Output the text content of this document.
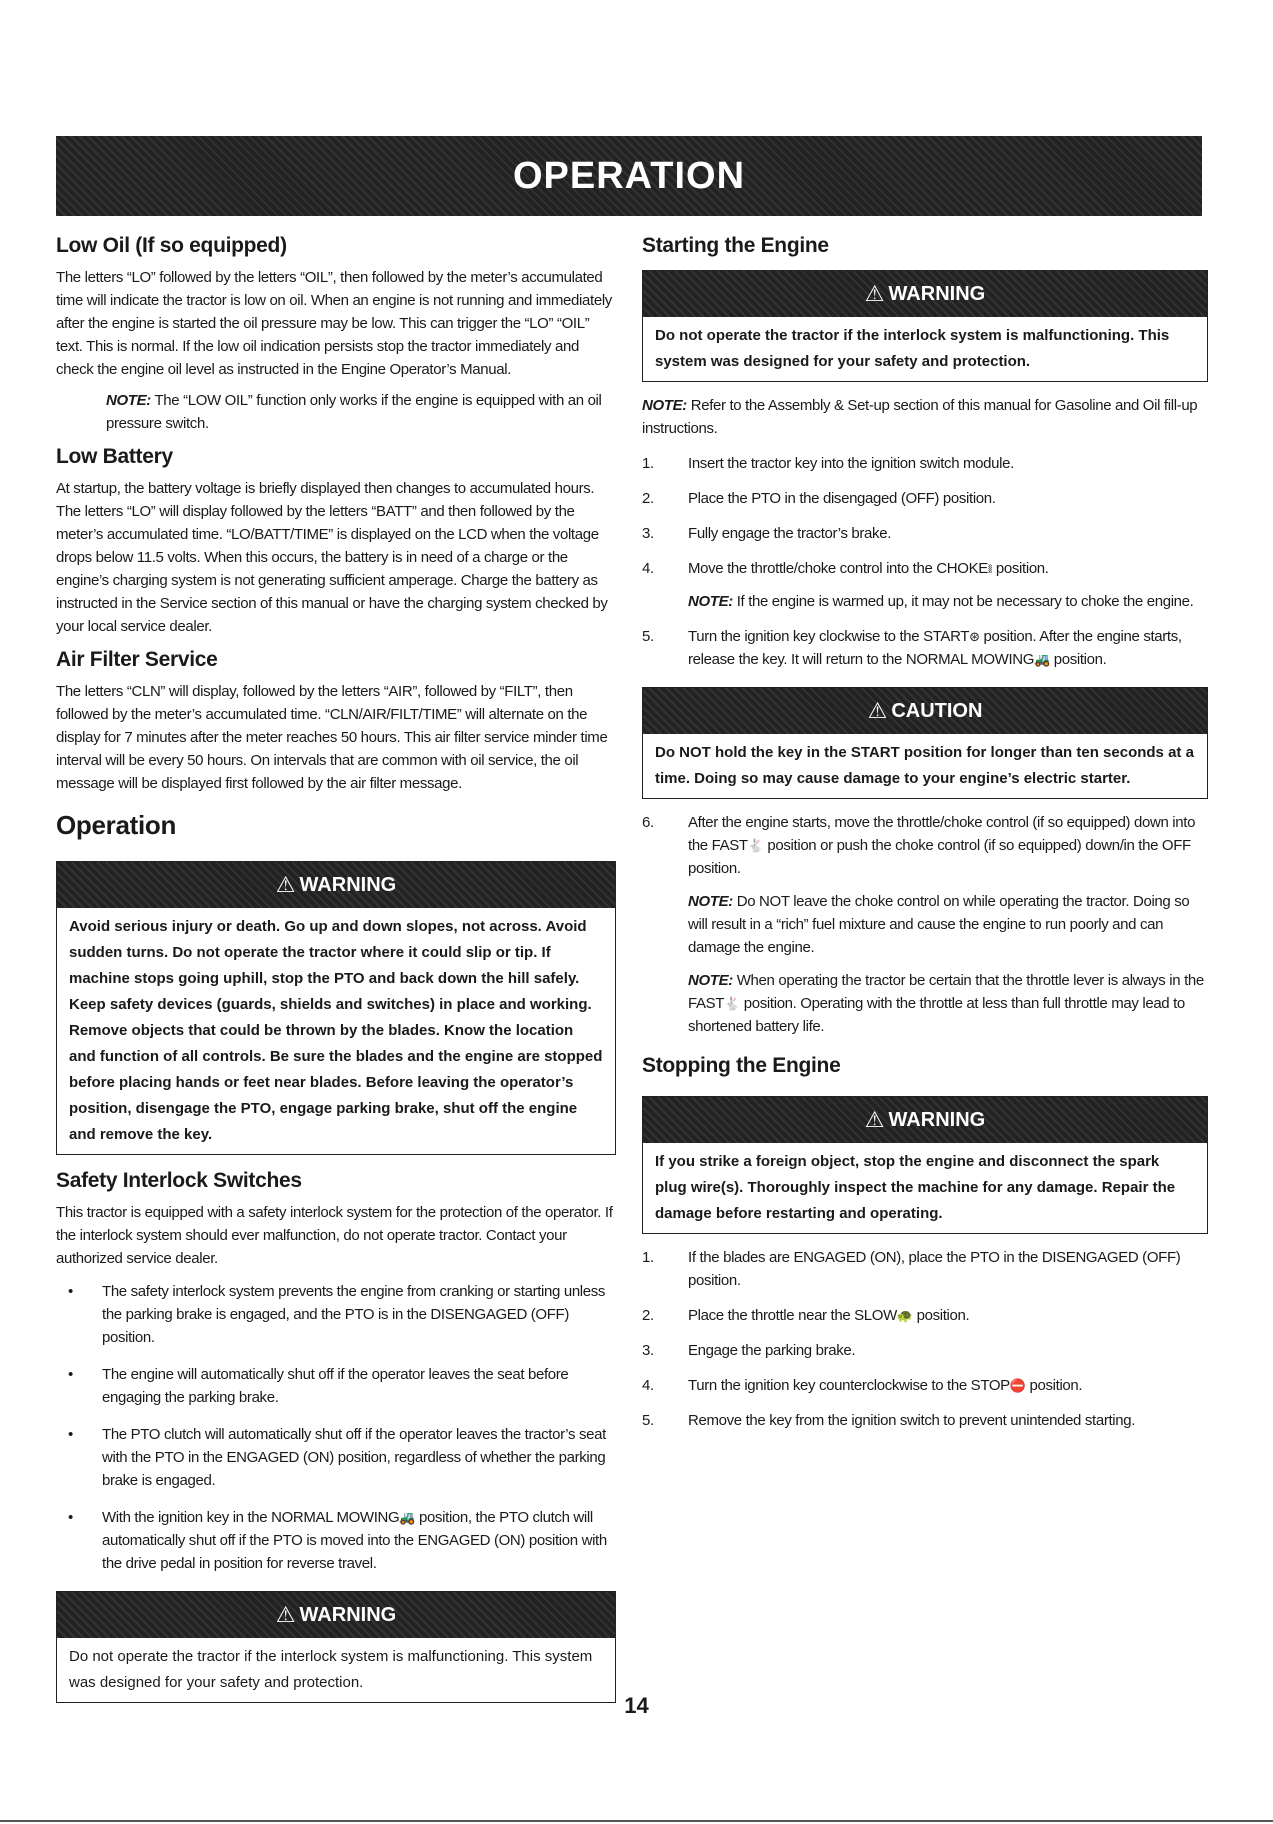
OPERATION
Low Oil (If so equipped)

The letters “LO” followed by the letters “OIL”, then followed by the meter’s accumulated time will indicate the tractor is low on oil. When an engine is not running and immediately after the engine is started the oil pressure may be low. This can trigger the “LO” “OIL” text. This is normal. If the low oil indication persists stop the tractor immediately and check the engine oil level as instructed in the Engine Operator’s Manual.

NOTE: The “LOW OIL” function only works if the engine is equipped with an oil pressure switch.

Low Battery

At startup, the battery voltage is briefly displayed then changes to accumulated hours. The letters “LO” will display followed by the letters “BATT” and then followed by the meter’s accumulated time. “LO/BATT/TIME” is displayed on the LCD when the voltage drops below 11.5 volts. When this occurs, the battery is in need of a charge or the engine’s charging system is not generating sufficient amperage. Charge the battery as instructed in the Service section of this manual or have the charging system checked by your local service dealer.

Air Filter Service

The letters “CLN” will display, followed by the letters “AIR”, followed by “FILT”, then followed by the meter’s accumulated time. “CLN/AIR/FILT/TIME” will alternate on the display for 7 minutes after the meter reaches 50 hours. This air filter service minder time interval will be every 50 hours. On intervals that are common with oil service, the oil message will be displayed first followed by the air filter message.

Operation
⚠ WARNING
Avoid serious injury or death. Go up and down slopes, not across. Avoid sudden turns. Do not operate the tractor where it could slip or tip. If machine stops going uphill, stop the PTO and back down the hill safely. Keep safety devices (guards, shields and switches) in place and working. Remove objects that could be thrown by the blades. Know the location and function of all controls. Be sure the blades and the engine are stopped before placing hands or feet near blades. Before leaving the operator’s position, disengage the PTO, engage parking brake, shut off the engine and remove the key.
Safety Interlock Switches

This tractor is equipped with a safety interlock system for the protection of the operator. If the interlock system should ever malfunction, do not operate tractor. Contact your authorized service dealer.

• The safety interlock system prevents the engine from cranking or starting unless the parking brake is engaged, and the PTO is in the DISENGAGED (OFF) position.
• The engine will automatically shut off if the operator leaves the seat before engaging the parking brake.
• The PTO clutch will automatically shut off if the operator leaves the tractor’s seat with the PTO in the ENGAGED (ON) position, regardless of whether the parking brake is engaged.
• With the ignition key in the NORMAL MOWING🚜 position, the PTO clutch will automatically shut off if the PTO is moved into the ENGAGED (ON) position with the drive pedal in position for reverse travel.
⚠ WARNING
Do not operate the tractor if the interlock system is malfunctioning. This system was designed for your safety and protection.
Starting the Engine
⚠ WARNING
Do not operate the tractor if the interlock system is malfunctioning. This system was designed for your safety and protection.

NOTE: Refer to the Assembly & Set-up section of this manual for Gasoline and Oil fill-up instructions.

1. Insert the tractor key into the ignition switch module.
2. Place the PTO in the disengaged (OFF) position.
3. Fully engage the tractor’s brake.
4. Move the throttle/choke control into the CHOKE⧚ position.

NOTE: If the engine is warmed up, it may not be necessary to choke the engine.

5. Turn the ignition key clockwise to the START⊛ position. After the engine starts, release the key. It will return to the NORMAL MOWING🚜 position.
⚠ CAUTION
Do NOT hold the key in the START position for longer than ten seconds at a time. Doing so may cause damage to your engine’s electric starter.
6. After the engine starts, move the throttle/choke control (if so equipped) down into the FAST🐇 position or push the choke control (if so equipped) down/in the OFF position.

NOTE: Do NOT leave the choke control on while operating the tractor. Doing so will result in a “rich” fuel mixture and cause the engine to run poorly and can damage the engine.

NOTE: When operating the tractor be certain that the throttle lever is always in the FAST🐇 position. Operating with the throttle at less than full throttle may lead to shortened battery life.

Stopping the Engine
⚠ WARNING
If you strike a foreign object, stop the engine and disconnect the spark plug wire(s). Thoroughly inspect the machine for any damage. Repair the damage before restarting and operating.
1. If the blades are ENGAGED (ON), place the PTO in the DISENGAGED (OFF) position.
2. Place the throttle near the SLOW🐢 position.
3. Engage the parking brake.
4. Turn the ignition key counterclockwise to the STOP⛔ position.
5. Remove the key from the ignition switch to prevent unintended starting.
14
